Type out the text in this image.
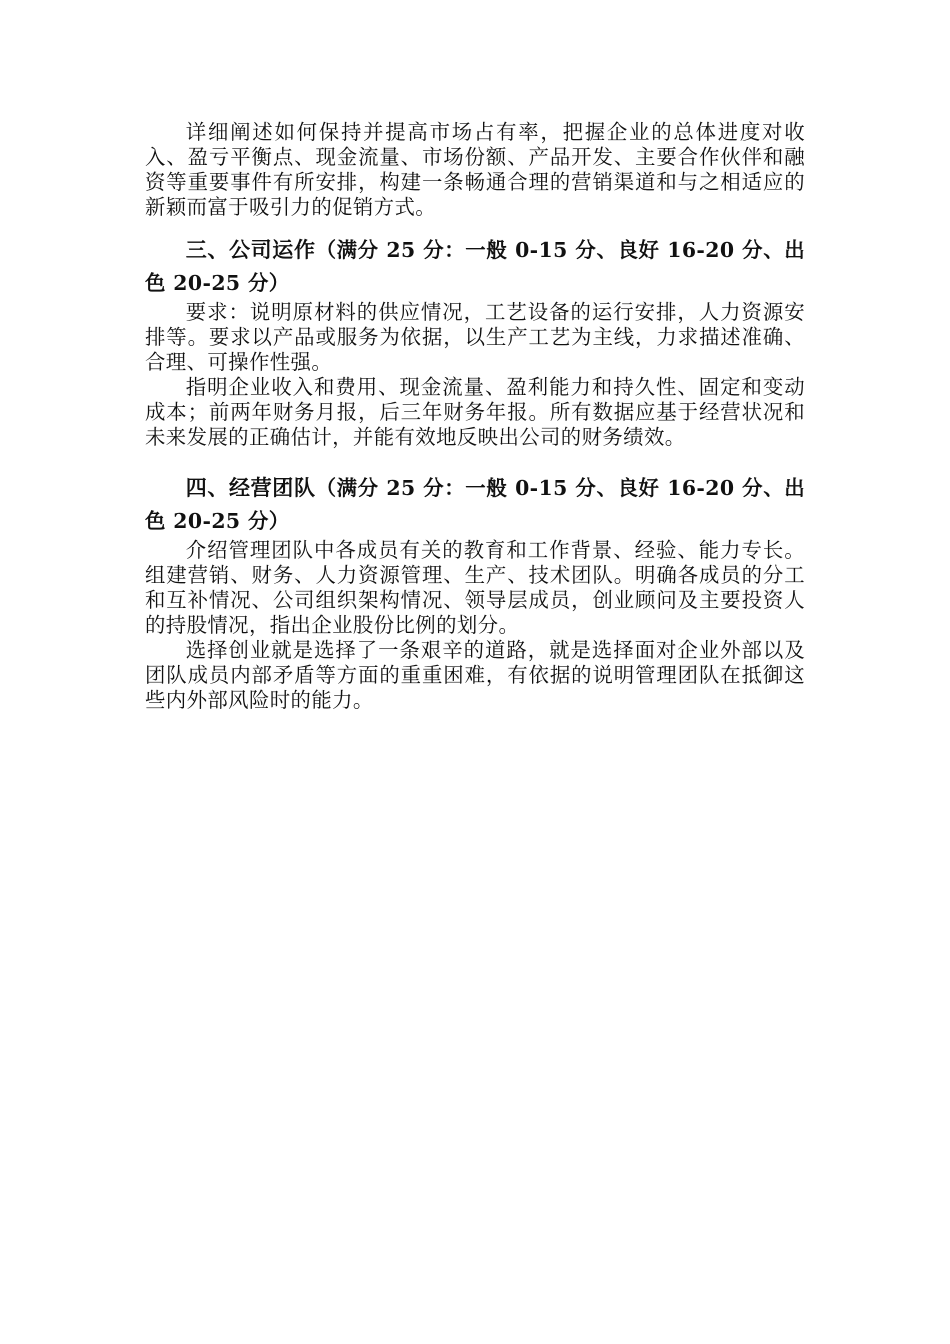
详细阐述如何保持并提高市场占有率，把握企业的总体进度对收入、盈亏平衡点、现金流量、市场份额、产品开发、主要合作伙伴和融资等重要事件有所安排，构建一条畅通合理的营销渠道和与之相适应的新颖而富于吸引力的促销方式。

三、公司运作（满分 25 分：一般 0-15 分、良好 16-20 分、出色 20-25 分）

要求：说明原材料的供应情况，工艺设备的运行安排，人力资源安排等。要求以产品或服务为依据，以生产工艺为主线，力求描述准确、合理、可操作性强。

指明企业收入和费用、现金流量、盈利能力和持久性、固定和变动成本；前两年财务月报，后三年财务年报。所有数据应基于经营状况和未来发展的正确估计，并能有效地反映出公司的财务绩效。

四、经营团队（满分 25 分：一般 0-15 分、良好 16-20 分、出色 20-25 分）

介绍管理团队中各成员有关的教育和工作背景、经验、能力专长。组建营销、财务、人力资源管理、生产、技术团队。明确各成员的分工和互补情况、公司组织架构情况、领导层成员，创业顾问及主要投资人的持股情况，指出企业股份比例的划分。

选择创业就是选择了一条艰辛的道路，就是选择面对企业外部以及团队成员内部矛盾等方面的重重困难，有依据的说明管理团队在抵御这些内外部风险时的能力。
